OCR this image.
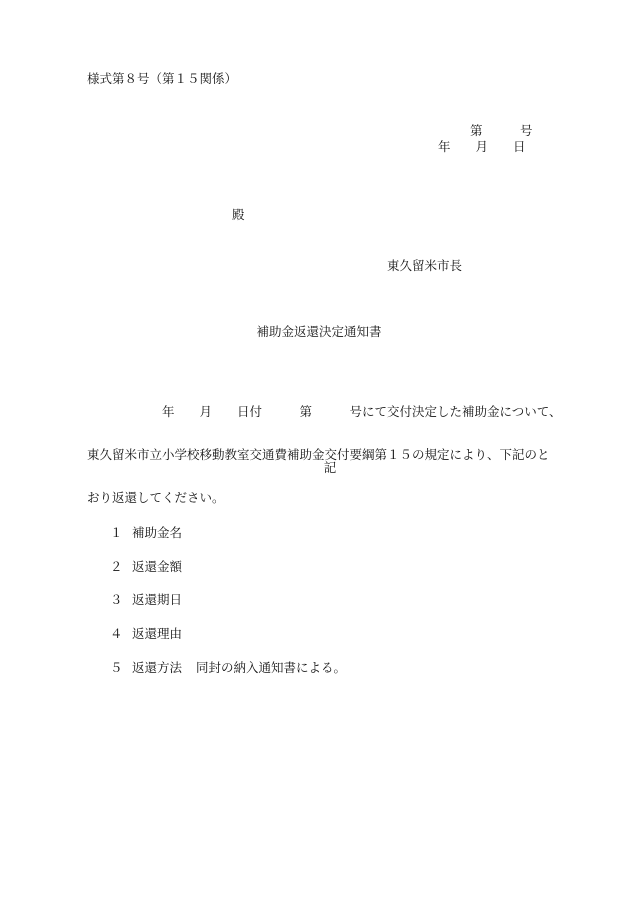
様式第８号（第１５関係）
第　　　号
年　　月　　日
殿
東久留米市長
補助金返還決定通知書

　　　　　　年　　月　　日付　　　第　　　号にて交付決定した補助金について、

東久留米市立小学校移動教室交通費補助金交付要綱第１５の規定により、下記のと

おり返還してください。

記

１ 補助金名

２ 返還金額

３ 返還期日

４ 返還理由

５ 返還方法 同封の納入通知書による。
